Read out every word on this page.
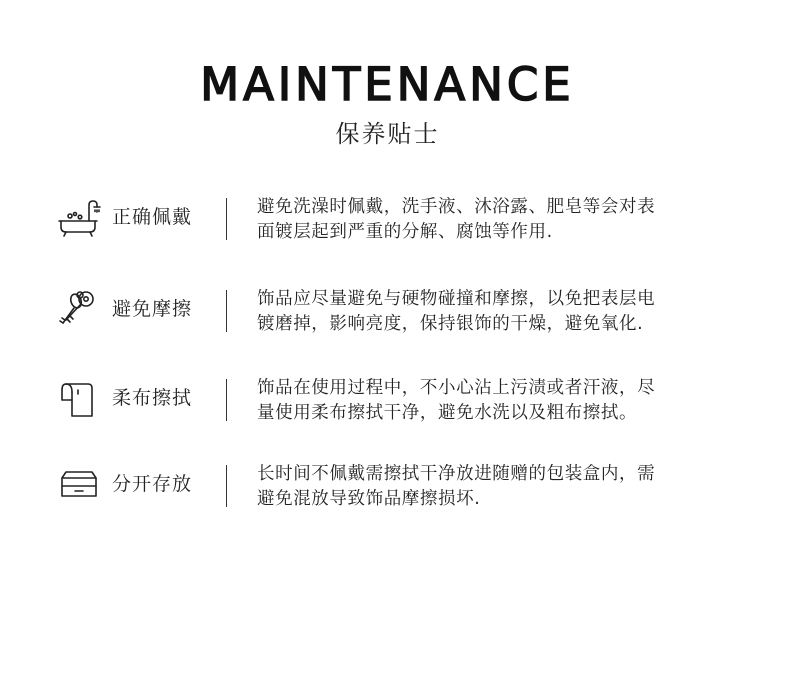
MAINTENANCE
保养贴士
正确佩戴	避免洗澡时佩戴，洗手液、沐浴露、肥皂等会对表
面镀层起到严重的分解、腐蚀等作用.
避免摩擦	饰品应尽量避免与硬物碰撞和摩擦，以免把表层电
镀磨掉，影响亮度，保持银饰的干燥，避免氧化.
柔布擦拭	饰品在使用过程中，不小心沾上污渍或者汗液，尽
量使用柔布擦拭干净，避免水洗以及粗布擦拭。
分开存放	长时间不佩戴需擦拭干净放进随赠的包装盒内，需
避免混放导致饰品摩擦损坏.
